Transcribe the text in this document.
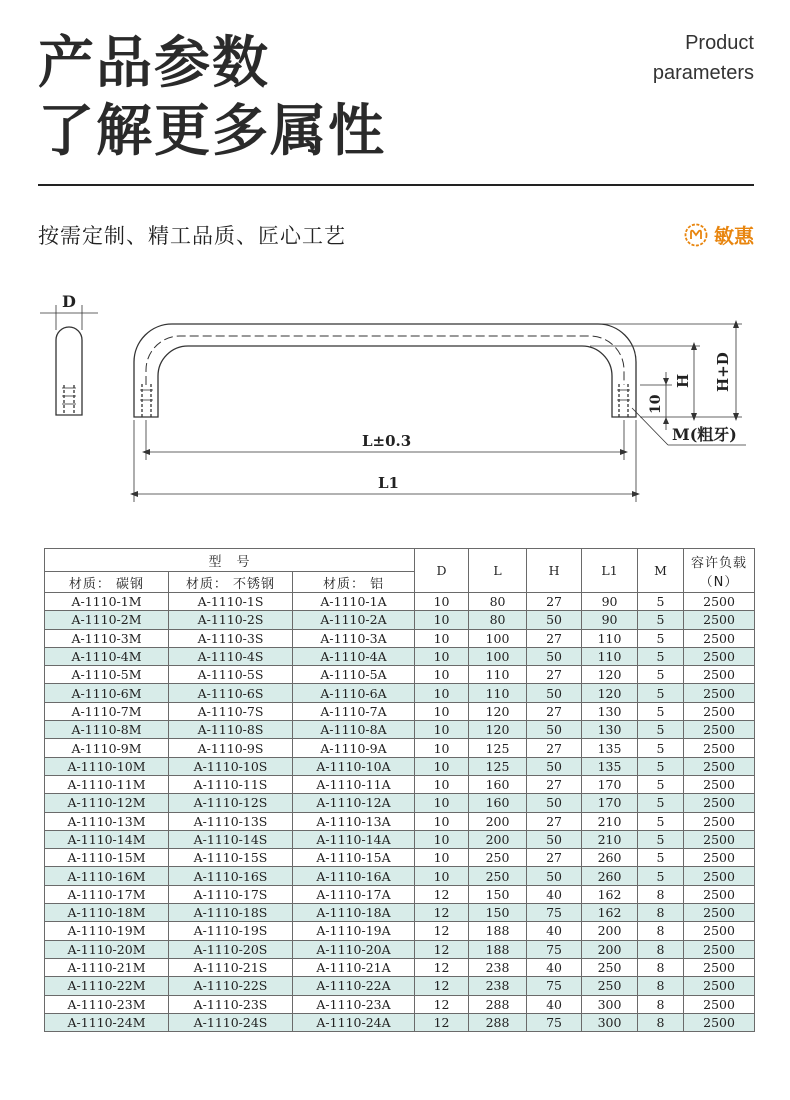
产品参数
了解更多属性
Product
parameters
按需定制、精工品质、匠心工艺	敏惠
D
L±0.3
L1
H+D
H
10
M(粗牙)
型　号			D	L	H	L1	M	容许负载
（N）

材质： 碳钢	材质： 不锈钢	材质： 铝						
A-1110-1M	A-1110-1S	A-1110-1A	10	80	27	90	5	2500
A-1110-2M	A-1110-2S	A-1110-2A	10	80	50	90	5	2500
A-1110-3M	A-1110-3S	A-1110-3A	10	100	27	110	5	2500
A-1110-4M	A-1110-4S	A-1110-4A	10	100	50	110	5	2500
A-1110-5M	A-1110-5S	A-1110-5A	10	110	27	120	5	2500
A-1110-6M	A-1110-6S	A-1110-6A	10	110	50	120	5	2500
A-1110-7M	A-1110-7S	A-1110-7A	10	120	27	130	5	2500
A-1110-8M	A-1110-8S	A-1110-8A	10	120	50	130	5	2500
A-1110-9M	A-1110-9S	A-1110-9A	10	125	27	135	5	2500
A-1110-10M	A-1110-10S	A-1110-10A	10	125	50	135	5	2500
A-1110-11M	A-1110-11S	A-1110-11A	10	160	27	170	5	2500
A-1110-12M	A-1110-12S	A-1110-12A	10	160	50	170	5	2500
A-1110-13M	A-1110-13S	A-1110-13A	10	200	27	210	5	2500
A-1110-14M	A-1110-14S	A-1110-14A	10	200	50	210	5	2500
A-1110-15M	A-1110-15S	A-1110-15A	10	250	27	260	5	2500
A-1110-16M	A-1110-16S	A-1110-16A	10	250	50	260	5	2500
A-1110-17M	A-1110-17S	A-1110-17A	12	150	40	162	8	2500
A-1110-18M	A-1110-18S	A-1110-18A	12	150	75	162	8	2500
A-1110-19M	A-1110-19S	A-1110-19A	12	188	40	200	8	2500
A-1110-20M	A-1110-20S	A-1110-20A	12	188	75	200	8	2500
A-1110-21M	A-1110-21S	A-1110-21A	12	238	40	250	8	2500
A-1110-22M	A-1110-22S	A-1110-22A	12	238	75	250	8	2500
A-1110-23M	A-1110-23S	A-1110-23A	12	288	40	300	8	2500
A-1110-24M	A-1110-24S	A-1110-24A	12	288	75	300	8	2500
